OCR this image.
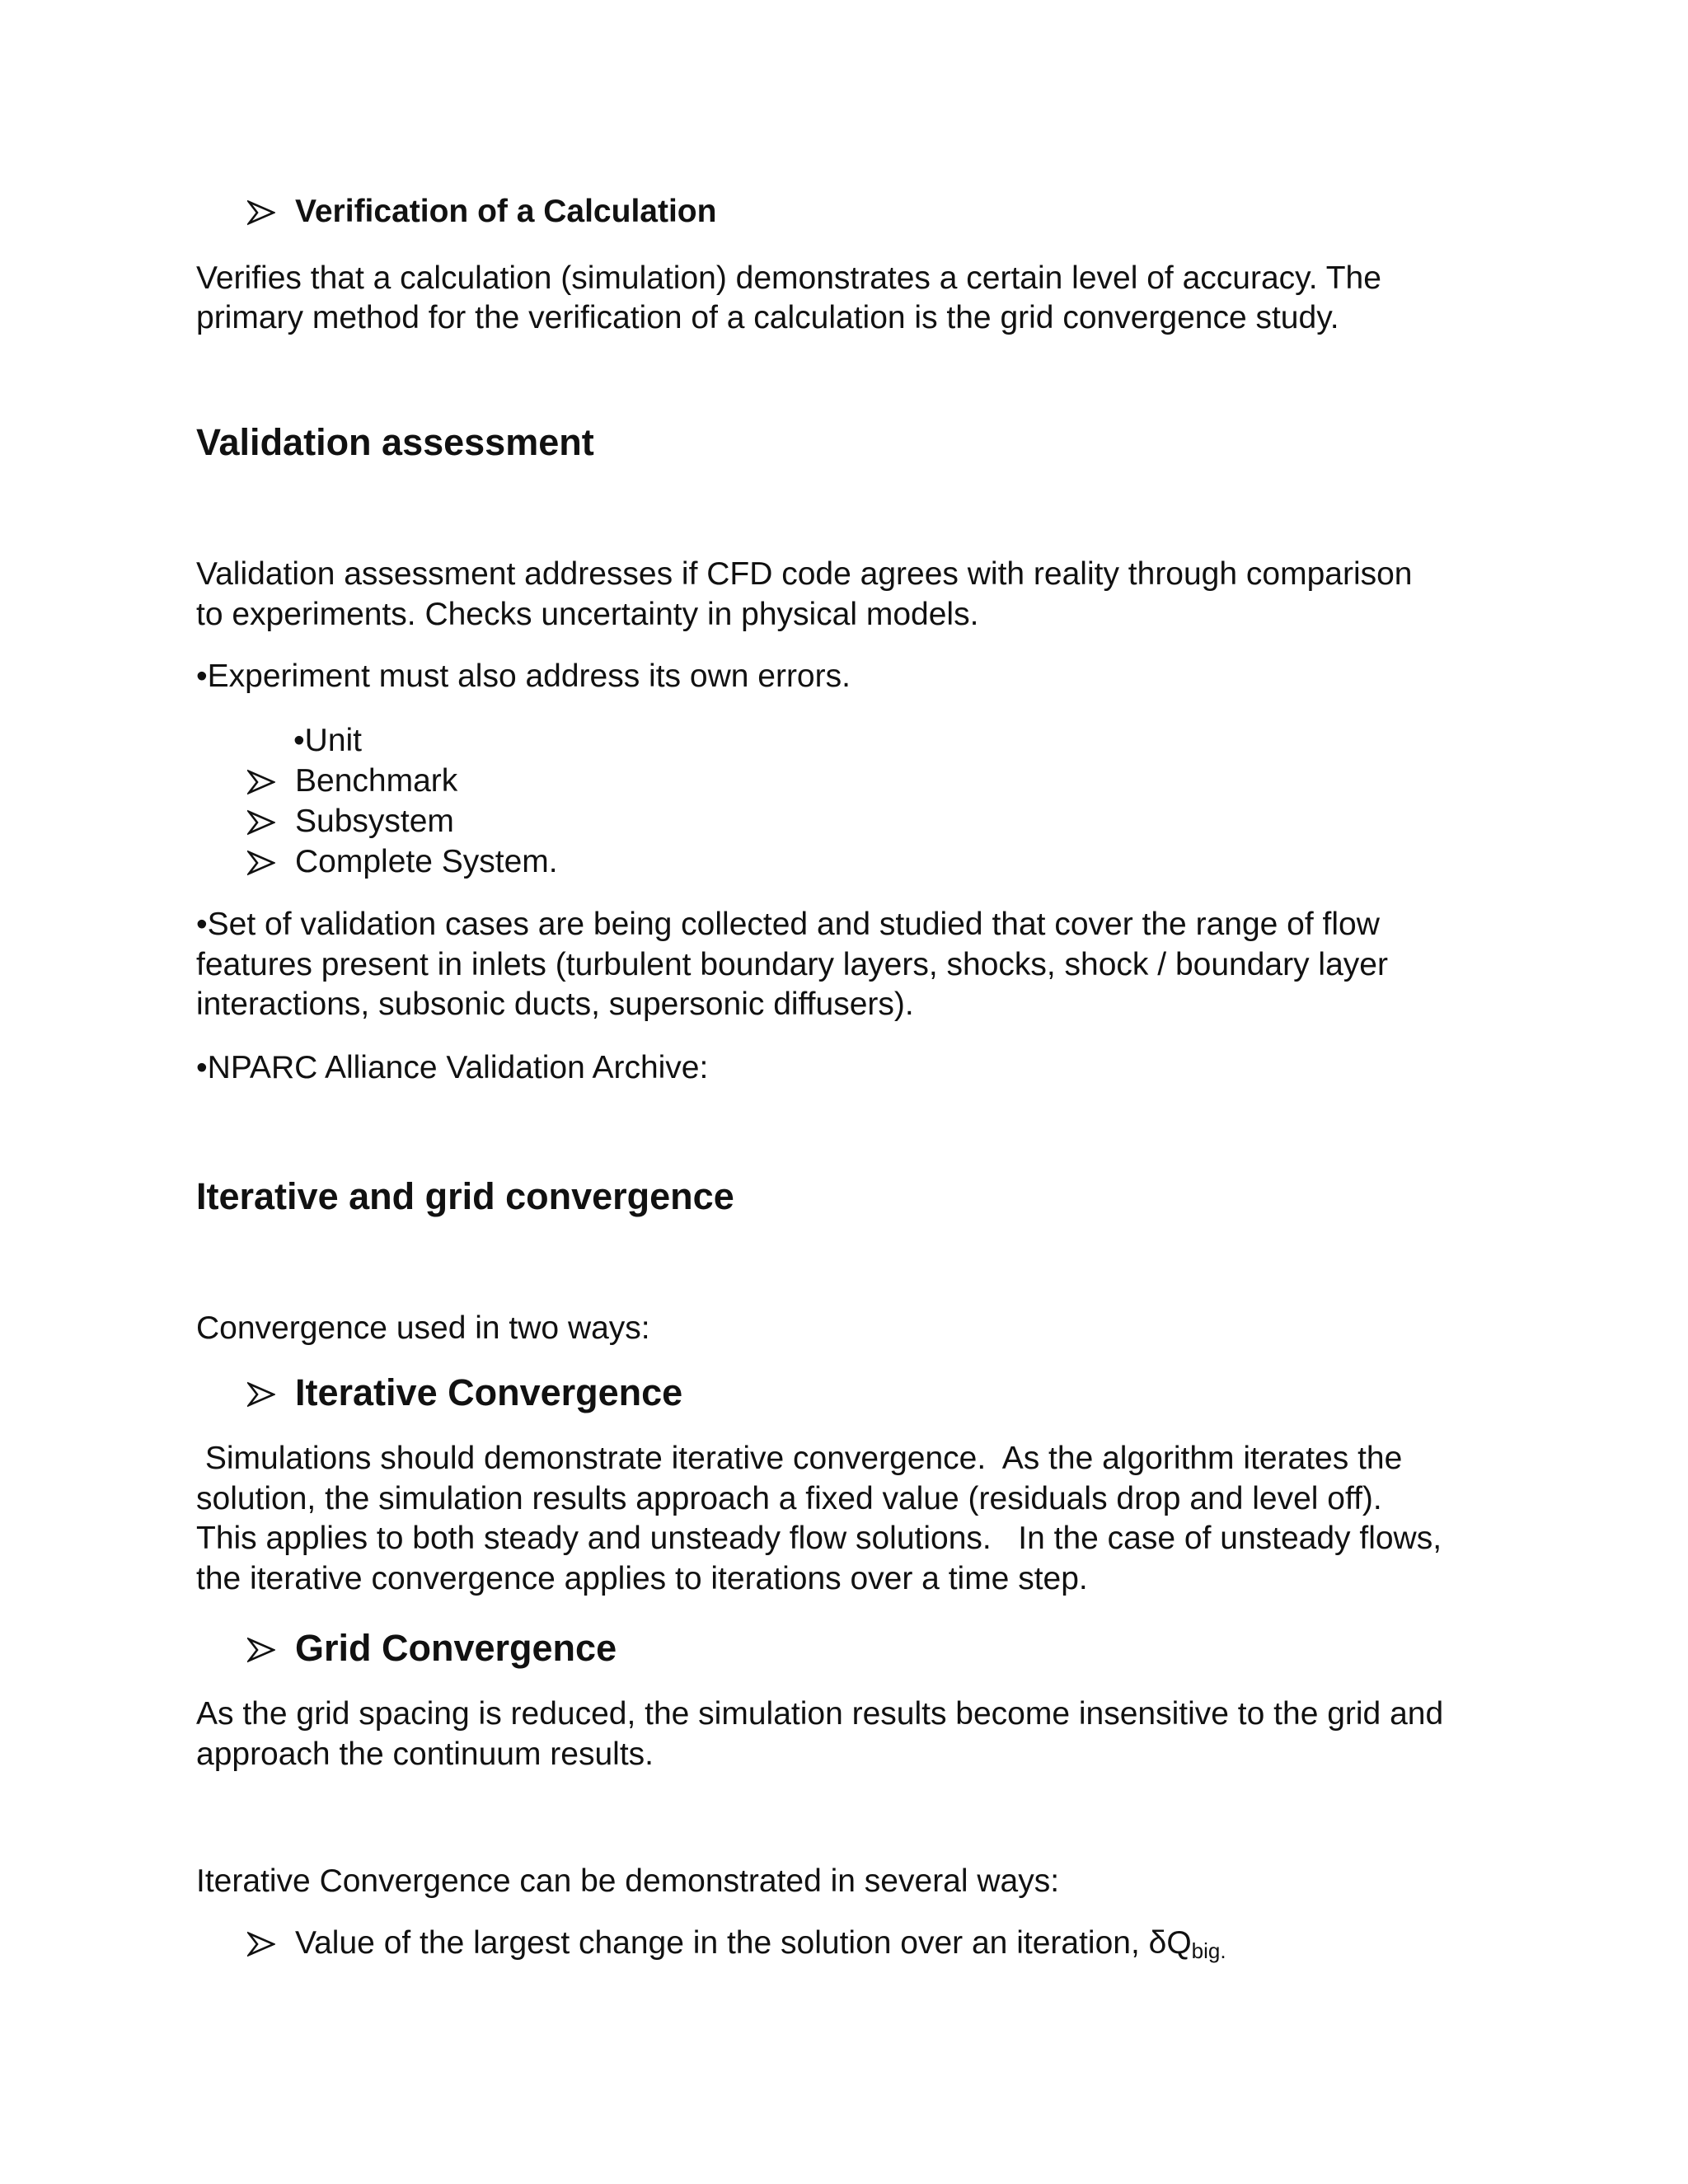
Verification of a Calculation

Verifies that a calculation (simulation) demonstrates a certain level of accuracy. The

primary method for the verification of a calculation is the grid convergence study.

Validation assessment

Validation assessment addresses if CFD code agrees with reality through comparison

to experiments. Checks uncertainty in physical models.

•Experiment must also address its own errors.

•Unit

Benchmark
Subsystem
Complete System.

•Set of validation cases are being collected and studied that cover the range of flow

features present in inlets (turbulent boundary layers, shocks, shock / boundary layer

interactions, subsonic ducts, supersonic diffusers).

•NPARC Alliance Validation Archive:

Iterative and grid convergence

Convergence used in two ways:

Iterative Convergence

Simulations should demonstrate iterative convergence.  As the algorithm iterates the

solution, the simulation results approach a fixed value (residuals drop and level off).

This applies to both steady and unsteady flow solutions.   In the case of unsteady flows,

the iterative convergence applies to iterations over a time step.

Grid Convergence

As the grid spacing is reduced, the simulation results become insensitive to the grid and

approach the continuum results.

Iterative Convergence can be demonstrated in several ways:

Value of the largest change in the solution over an iteration, $\delta Q_{big.}$
